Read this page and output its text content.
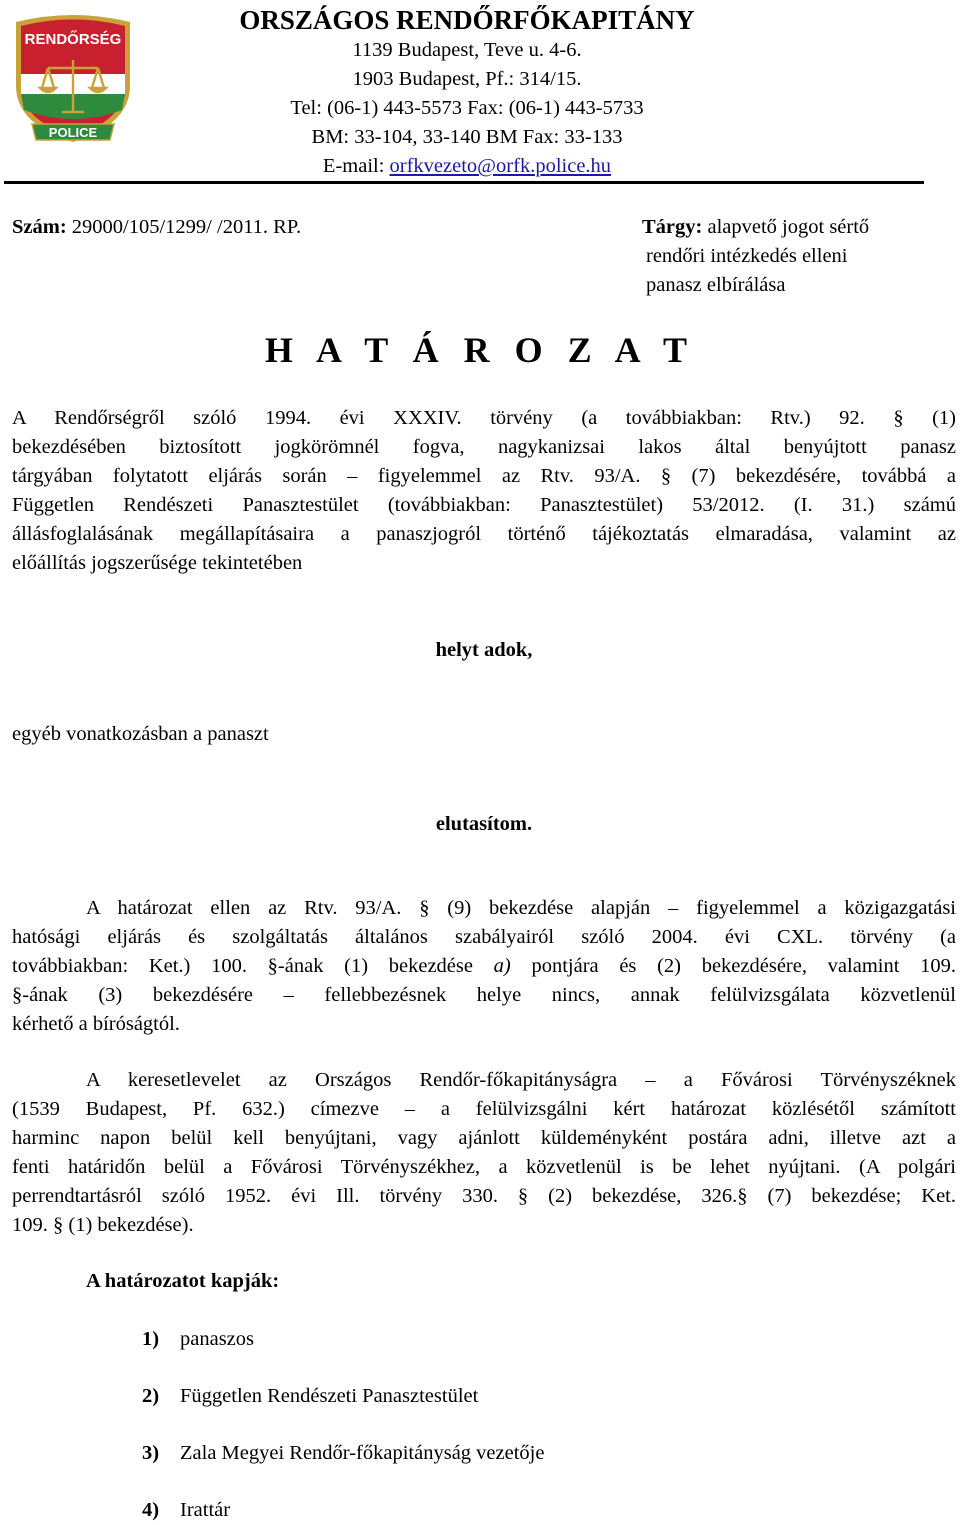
RENDŐRSÉG
POLICE
ORSZÁGOS RENDŐRFŐKAPITÁNY
1139 Budapest, Teve u. 4-6.
1903 Budapest, Pf.: 314/15.
Tel: (06-1) 443-5573 Fax: (06-1) 443-5733
BM: 33-104, 33-140 BM Fax: 33-133
E-mail: orfkvezeto@orfk.police.hu
Szám: 29000/105/1299/ /2011. RP.	Tárgy: alapvető jogot sértő
rendőri intézkedés elleni
panasz elbírálása
H A T Á R O Z A T
A Rendőrségről szóló 1994. évi XXXIV. törvény (a továbbiakban: Rtv.) 92. § (1)
bekezdésében biztosított jogkörömnél fogva, nagykanizsai lakos által benyújtott panasz
tárgyában folytatott eljárás során – figyelemmel az Rtv. 93/A. § (7) bekezdésére, továbbá a
Független Rendészeti Panasztestület (továbbiakban: Panasztestület) 53/2012. (I. 31.) számú
állásfoglalásának megállapításaira a panaszjogról történő tájékoztatás elmaradása, valamint az
előállítás jogszerűsége tekintetében
helyt adok,
egyéb vonatkozásban a panaszt
elutasítom.
A határozat ellen az Rtv. 93/A. § (9) bekezdése alapján – figyelemmel a közigazgatási
hatósági eljárás és szolgáltatás általános szabályairól szóló 2004. évi CXL. törvény (a
továbbiakban: Ket.) 100. §-ának (1) bekezdése a) pontjára és (2) bekezdésére, valamint 109.
§-ának (3) bekezdésére – fellebbezésnek helye nincs, annak felülvizsgálata közvetlenül
kérhető a bíróságtól.
A keresetlevelet az Országos Rendőr-főkapitányságra – a Fővárosi Törvényszéknek
(1539 Budapest, Pf. 632.) címezve – a felülvizsgálni kért határozat közlésétől számított
harminc napon belül kell benyújtani, vagy ajánlott küldeményként postára adni, illetve azt a
fenti határidőn belül a Fővárosi Törvényszékhez, a közvetlenül is be lehet nyújtani. (A polgári
perrendtartásról szóló 1952. évi Ill. törvény 330. § (2) bekezdése, 326.§ (7) bekezdése; Ket.
109. § (1) bekezdése).
A határozatot kapják:
1) panaszos
2) Független Rendészeti Panasztestület
3) Zala Megyei Rendőr-főkapitányság vezetője
4) Irattár
